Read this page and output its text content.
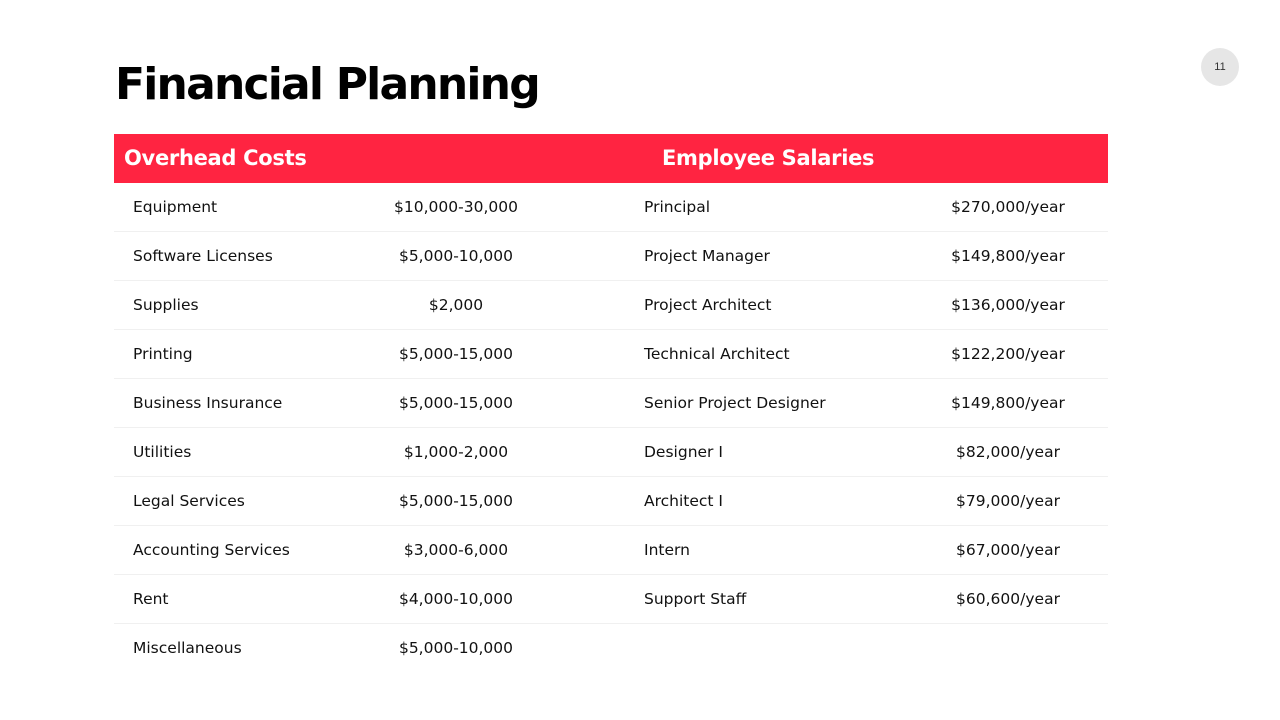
11
Financial Planning
Overhead Costs	Employee Salaries
Equipment	$10,000-30,000	Principal	$270,000/year
Software Licenses	$5,000-10,000	Project Manager	$149,800/year
Supplies	$2,000	Project Architect	$136,000/year
Printing	$5,000-15,000	Technical Architect	$122,200/year
Business Insurance	$5,000-15,000	Senior Project Designer	$149,800/year
Utilities	$1,000-2,000	Designer I	$82,000/year
Legal Services	$5,000-15,000	Architect I	$79,000/year
Accounting Services	$3,000-6,000	Intern	$67,000/year
Rent	$4,000-10,000	Support Staff	$60,600/year
Miscellaneous	$5,000-10,000
